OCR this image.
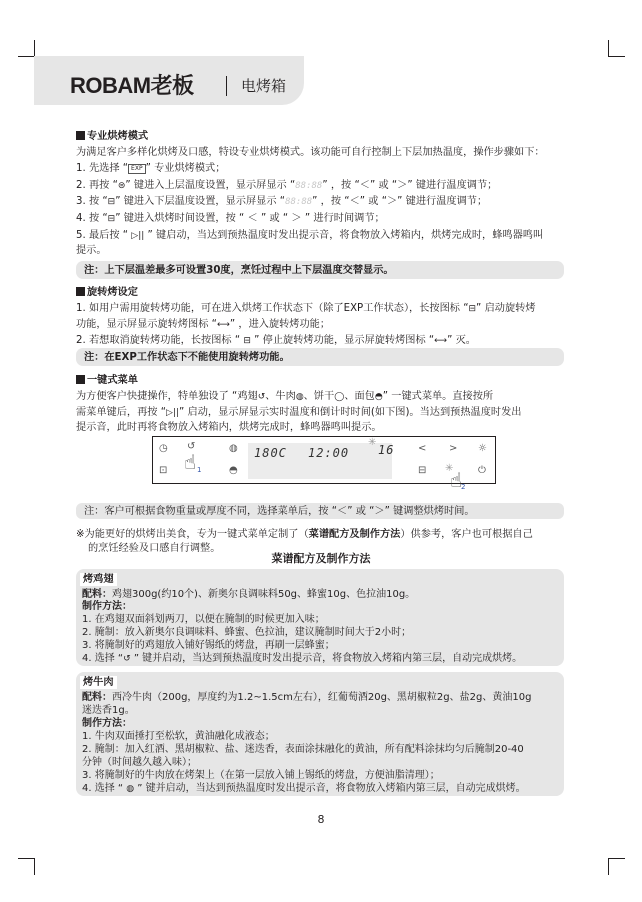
ROBAM老板	电烤箱
专业烘烤模式
为满足客户多样化烘烤及口感，特设专业烘烤模式。该功能可自行控制上下层加热温度，操作步骤如下：
1. 先选择 “ EXP ” 专业烘烤模式；
2. 再按 “⊜” 键进入上层温度设置，显示屏显示 “88:88” ，按 “＜” 或 “＞” 键进行温度调节；
3. 按 “⊟” 键进入下层温度设置，显示屏显示 “88:88” ，按 “＜” 或 “＞” 键进行温度调节；
4. 按 “⊟” 键进入烘烤时间设置，按 “ ＜ ” 或 “ ＞ ” 进行时间调节；
5. 最后按 “ ▷|| ” 键启动，当达到预热温度时发出提示音，将食物放入烤箱内，烘烤完成时，蜂鸣器鸣叫
提示。
注：上下层温差最多可设置30度，烹饪过程中上下层温度交替显示。
旋转烤设定
1. 如用户需用旋转烤功能，可在进入烘烤工作状态下（除了EXP工作状态），长按图标 “⊟” 启动旋转烤
功能，显示屏显示旋转烤图标 “⟷” ，进入旋转烤功能；
2. 若想取消旋转烤功能，长按图标 “ ⊟ ” 停止旋转烤功能，显示屏旋转烤图标 “⟷” 灭。
注：在EXP工作状态下不能使用旋转烤功能。
一键式菜单
为方便客户快捷操作，特单独设了 “鸡翅↺、牛肉◍、饼干◯、面包◓” 一键式菜单。直接按所
需菜单键后，再按 “▷||” 启动，显示屏显示实时温度和倒计时时间(如下图)。当达到预热温度时发出
提示音，此时再将食物放入烤箱内，烘烤完成时，蜂鸣器鸣叫提示。
◷
⊡
↺
☝ 1
◍
◓
180C 12:00
✳
16 < > ☼
⊟ ✳
☝
2
⏻
注：客户可根据食物重量或厚度不同，选择菜单后，按 “＜” 或 “＞” 键调整烘烤时间。
※为能更好的烘烤出美食，专为一键式菜单定制了（菜谱配方及制作方法）供参考，客户也可根据自己
的烹饪经验及口感自行调整。
菜谱配方及制作方法
烤鸡翅
配料：鸡翅300g(约10个)、新奥尔良调味料50g、蜂蜜10g、色拉油10g。
制作方法：
1. 在鸡翅双面斜划两刀，以便在腌制的时候更加入味；
2. 腌制：放入新奥尔良调味料、蜂蜜、色拉油，建议腌制时间大于2小时；
3. 将腌制好的鸡翅放入铺好锡纸的烤盘，再刷一层蜂蜜；
4. 选择 “↺ ” 键并启动，当达到预热温度时发出提示音，将食物放入烤箱内第三层，自动完成烘烤。
烤牛肉
配料：西冷牛肉（200g，厚度约为1.2~1.5cm左右），红葡萄酒20g、黑胡椒粒2g、盐2g、黄油10g
迷迭香1g。
制作方法：
1. 牛肉双面捶打至松软，黄油融化成液态；
2. 腌制：加入红酒、黑胡椒粒、盐、迷迭香，表面涂抹融化的黄油，所有配料涂抹均匀后腌制20-40
分钟（时间越久越入味）；
3. 将腌制好的牛肉放在烤架上（在第一层放入铺上锡纸的烤盘，方便油脂清理）；
4. 选择 “ ◍ ” 键并启动，当达到预热温度时发出提示音，将食物放入烤箱内第三层，自动完成烘烤。
8
